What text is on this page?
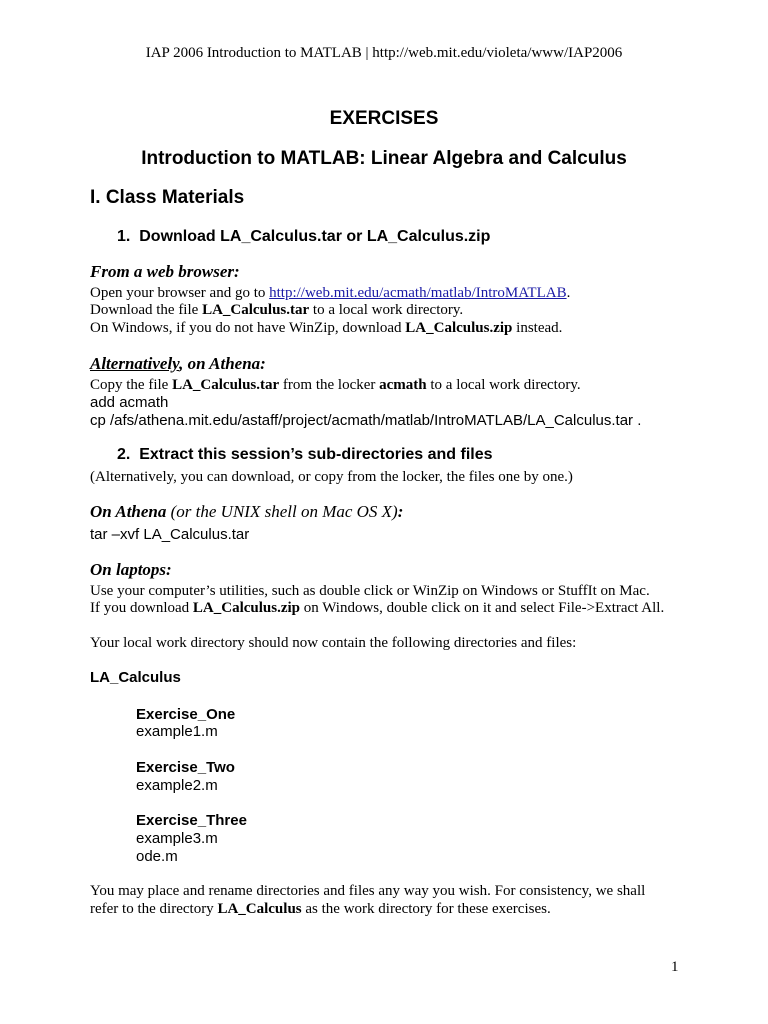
IAP 2006 Introduction to MATLAB | http://web.mit.edu/violeta/www/IAP2006
EXERCISES
Introduction to MATLAB: Linear Algebra and Calculus
I. Class Materials
1. Download LA_Calculus.tar or LA_Calculus.zip
From a web browser:
Open your browser and go to http://web.mit.edu/acmath/matlab/IntroMATLAB.
Download the file LA_Calculus.tar to a local work directory.
On Windows, if you do not have WinZip, download LA_Calculus.zip instead.
Alternatively, on Athena:
Copy the file LA_Calculus.tar from the locker acmath to a local work directory.
add acmath
cp /afs/athena.mit.edu/astaff/project/acmath/matlab/IntroMATLAB/LA_Calculus.tar .
2. Extract this session’s sub-directories and files
(Alternatively, you can download, or copy from the locker, the files one by one.)
On Athena (or the UNIX shell on Mac OS X):
tar –xvf LA_Calculus.tar
On laptops:
Use your computer’s utilities, such as double click or WinZip on Windows or StuffIt on Mac.
If you download LA_Calculus.zip on Windows, double click on it and select File->Extract All.
Your local work directory should now contain the following directories and files:
LA_Calculus
Exercise_One
example1.m
Exercise_Two
example2.m
Exercise_Three
example3.m
ode.m
You may place and rename directories and files any way you wish. For consistency, we shall
refer to the directory LA_Calculus as the work directory for these exercises.
1
